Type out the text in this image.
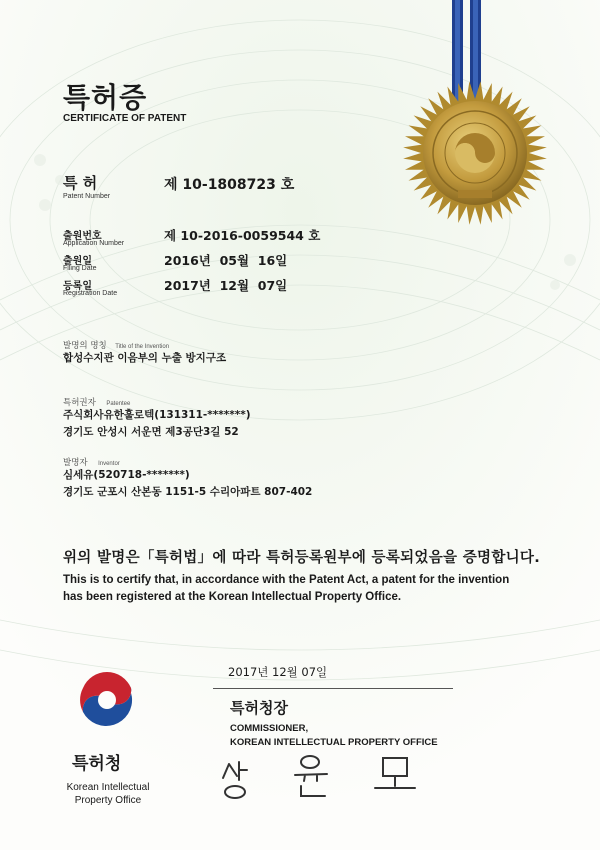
특허증
CERTIFICATE OF PATENT
특 허
Patent Number
제 10-1808723 호
출원번호
Application Number
제 10-2016-0059544 호
출원일
Filing Date
2016년  05월  16일
등록일
Registration Date
2017년  12월  07일
발명의 명칭 Title of the Invention
합성수지관 이음부의 누출 방지구조
특허권자 Patentee
주식회사유한훌로텍(131311-*******)
경기도 안성시 서운면 제3공단3길 52
발명자 Inventor
심세유(520718-*******)
경기도 군포시 산본동 1151-5 수리아파트 807-402
위의 발명은「특허법」에 따라 특허등록원부에 등록되었음을 증명합니다.
This is to certify that, in accordance with the Patent Act, a patent for the invention
has been registered at the Korean Intellectual Property Office.
2017년 12월 07일
특허청장
COMMISSIONER,
KOREAN INTELLECTUAL PROPERTY OFFICE
특허청
Korean Intellectual
Property Office
